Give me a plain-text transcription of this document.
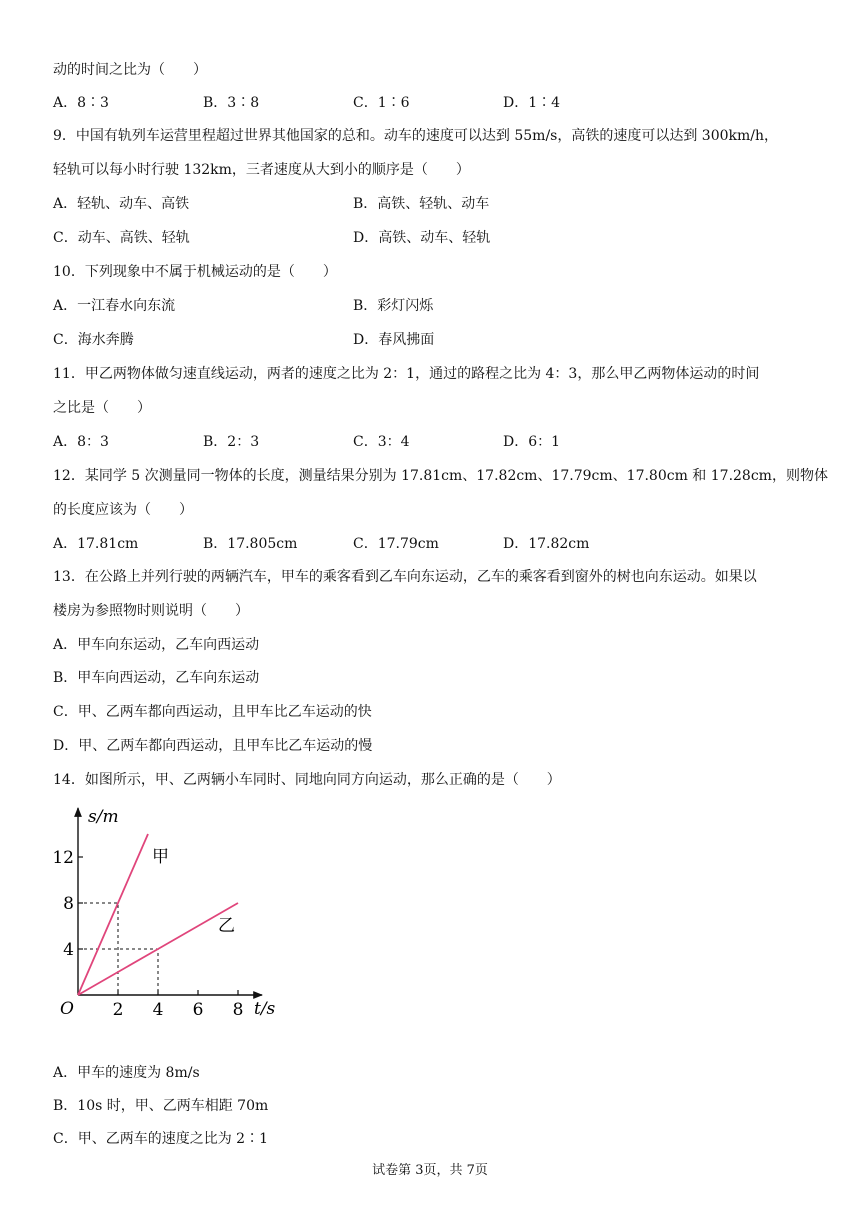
动的时间之比为（　　）
A．8∶3	B．3∶8	C．1∶6	D．1∶4
9．中国有轨列车运营里程超过世界其他国家的总和。动车的速度可以达到 55m/s，高铁的速度可以达到 300km/h，
轻轨可以每小时行驶 132km，三者速度从大到小的顺序是（　　）
A．轻轨、动车、高铁	B．高铁、轻轨、动车
C．动车、高铁、轻轨	D．高铁、动车、轻轨
10．下列现象中不属于机械运动的是（　　）
A．一江春水向东流	B．彩灯闪烁
C．海水奔腾	D．春风拂面
11．甲乙两物体做匀速直线运动，两者的速度之比为 2：1，通过的路程之比为 4：3，那么甲乙两物体运动的时间
之比是（　　）
A．8：3	B．2：3	C．3：4	D．6：1
12．某同学 5 次测量同一物体的长度，测量结果分别为 17.81cm、17.82cm、17.79cm、17.80cm 和 17.28cm，则物体
的长度应该为（　　）
A．17.81cm	B．17.805cm	C．17.79cm	D．17.82cm
13．在公路上并列行驶的两辆汽车，甲车的乘客看到乙车向东运动，乙车的乘客看到窗外的树也向东运动。如果以
楼房为参照物时则说明（　　）
A．甲车向东运动，乙车向西运动
B．甲车向西运动，乙车向东运动
C．甲、乙两车都向西运动，且甲车比乙车运动的快
D．甲、乙两车都向西运动，且甲车比乙车运动的慢
14．如图所示，甲、乙两辆小车同时、同地向同方向运动，那么正确的是（　　）
2 4 6 8
4
8
12	甲
乙
s/m
t/s
O
A．甲车的速度为 8m/s
B．10s 时，甲、乙两车相距 70m
C．甲、乙两车的速度之比为 2∶1
试卷第 3页，共 7页
